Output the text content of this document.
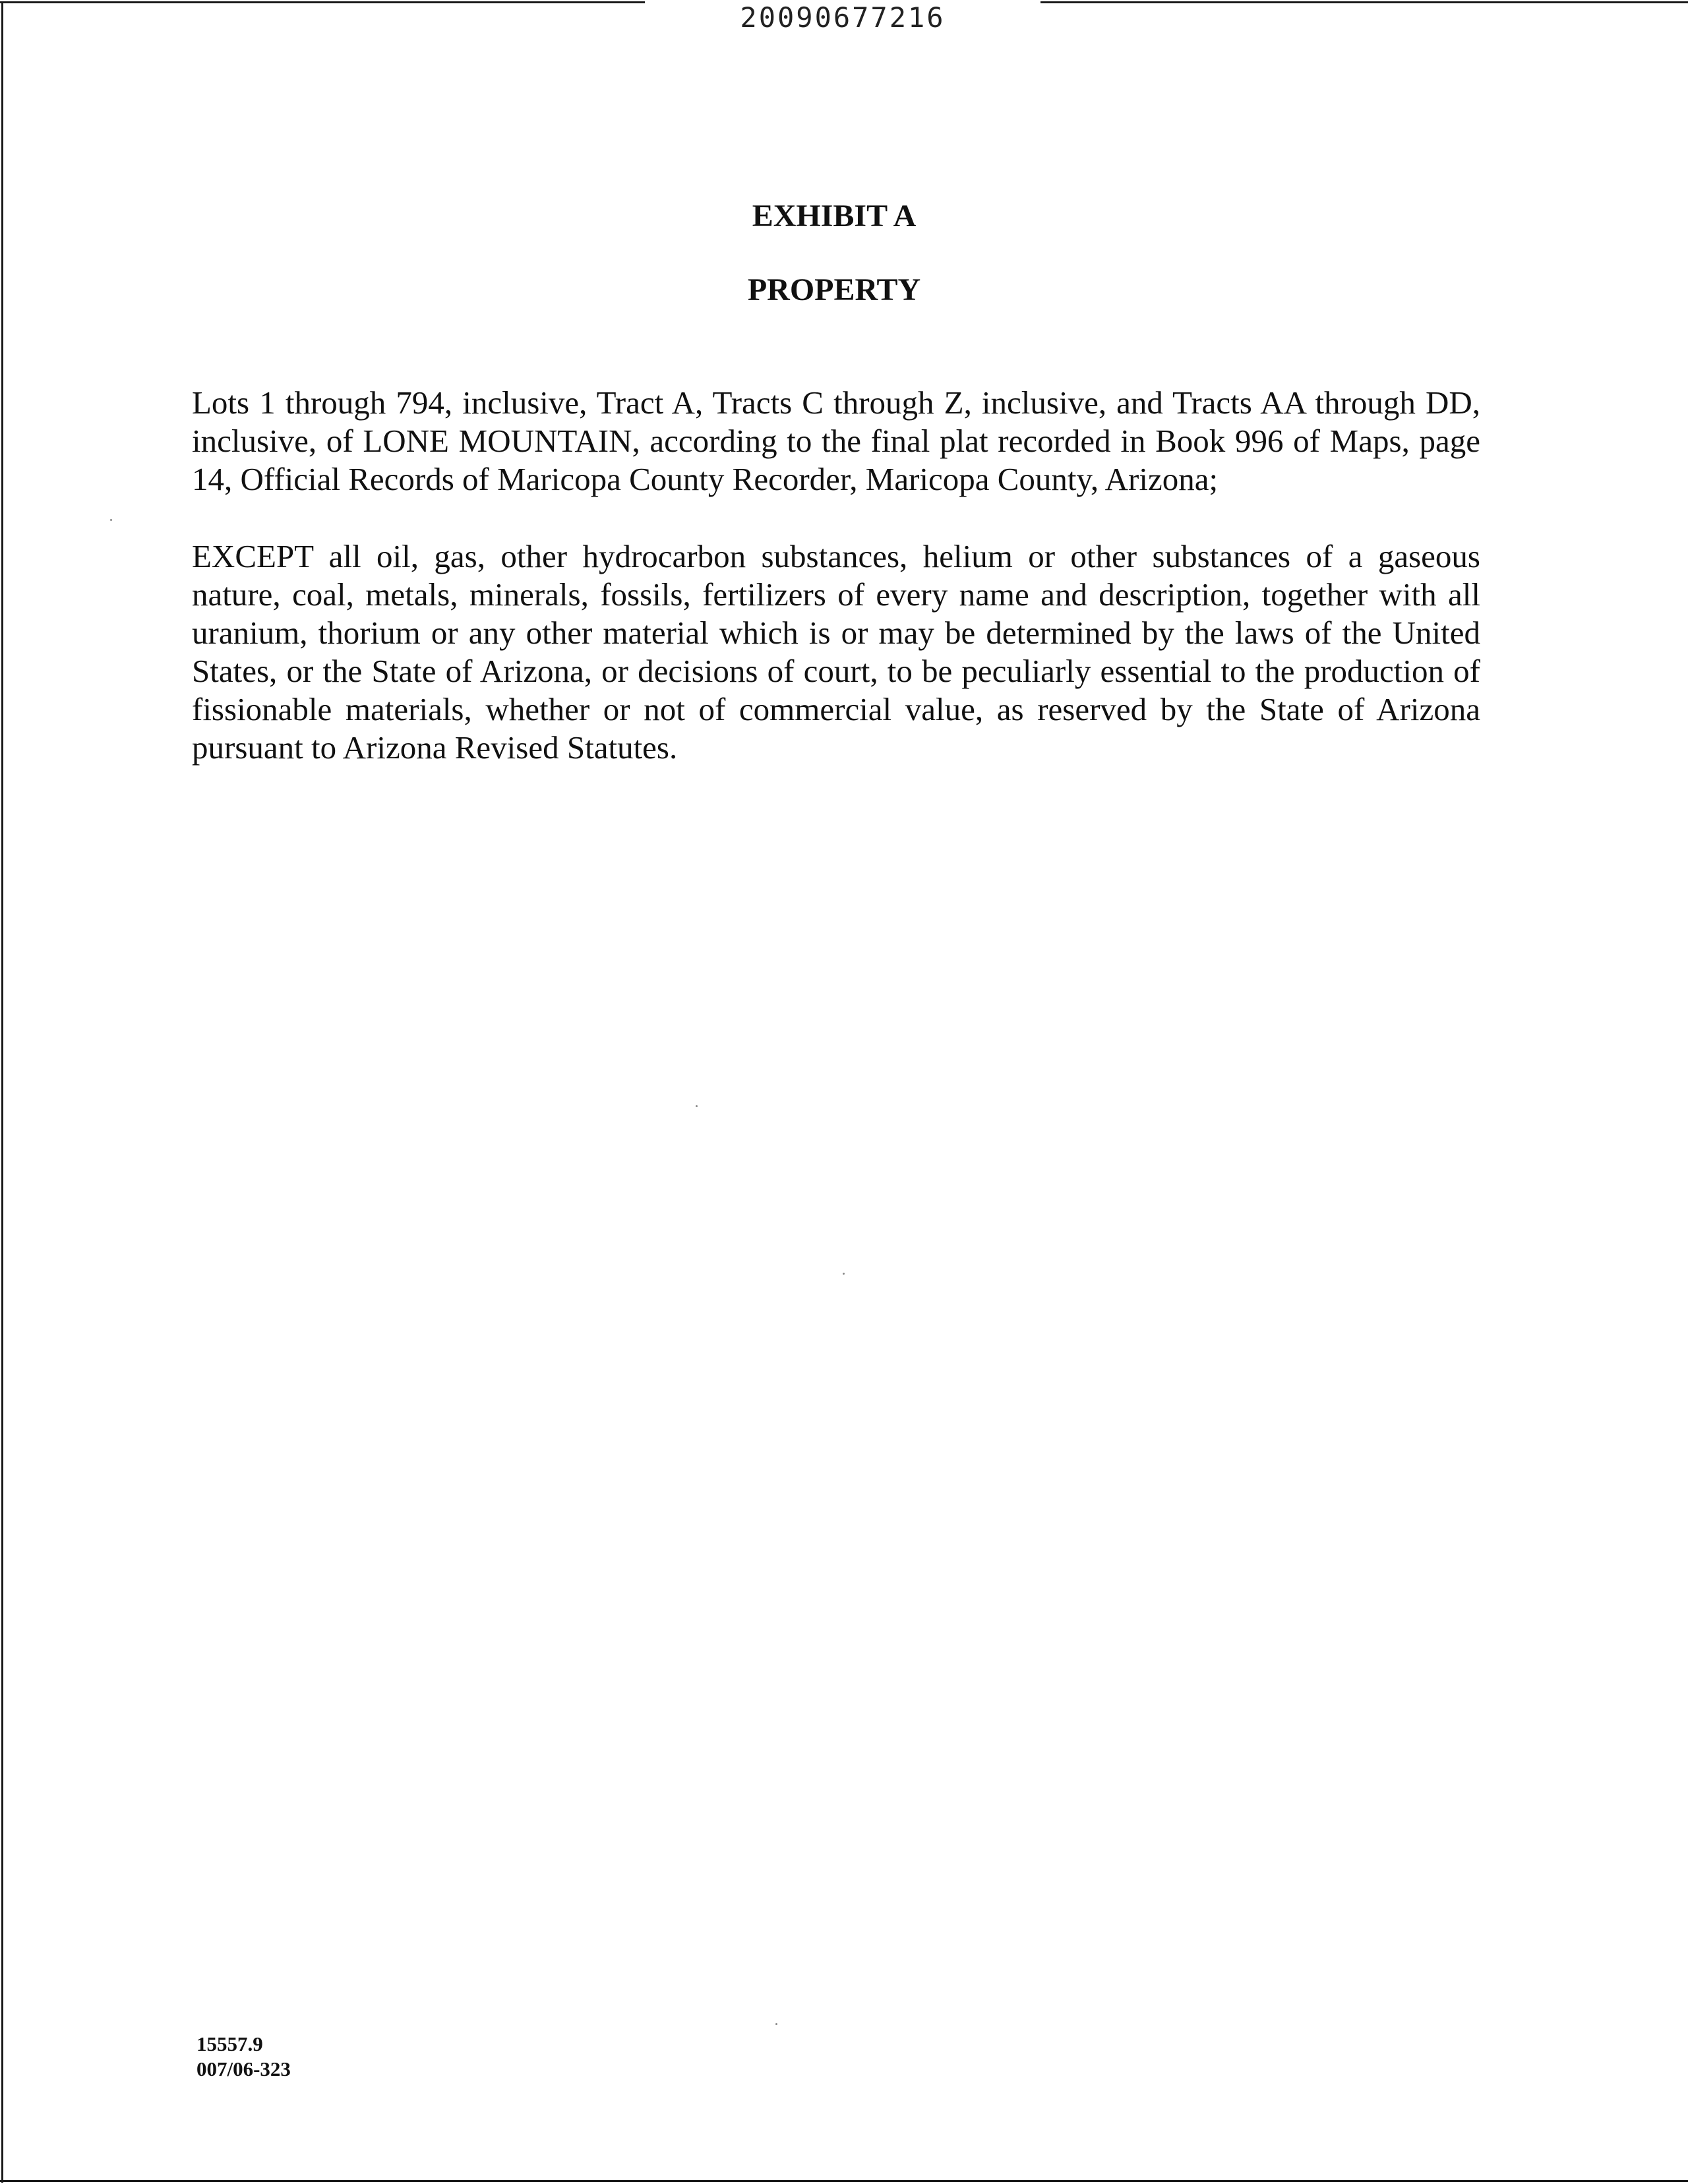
20090677216
EXHIBIT A
PROPERTY

Lots 1 through 794, inclusive, Tract A, Tracts C through Z, inclusive, and Tracts AA through DD, inclusive, of LONE MOUNTAIN, according to the final plat recorded in Book 996 of Maps, page 14, Official Records of Maricopa County Recorder, Maricopa County, Arizona;

EXCEPT all oil, gas, other hydrocarbon substances, helium or other substances of a gaseous nature, coal, metals, minerals, fossils, fertilizers of every name and description, together with all uranium, thorium or any other material which is or may be determined by the laws of the United States, or the State of Arizona, or decisions of court, to be peculiarly essential to the production of fissionable materials, whether or not of commercial value, as reserved by the State of Arizona pursuant to Arizona Revised Statutes.

15557.9
007/06-323
